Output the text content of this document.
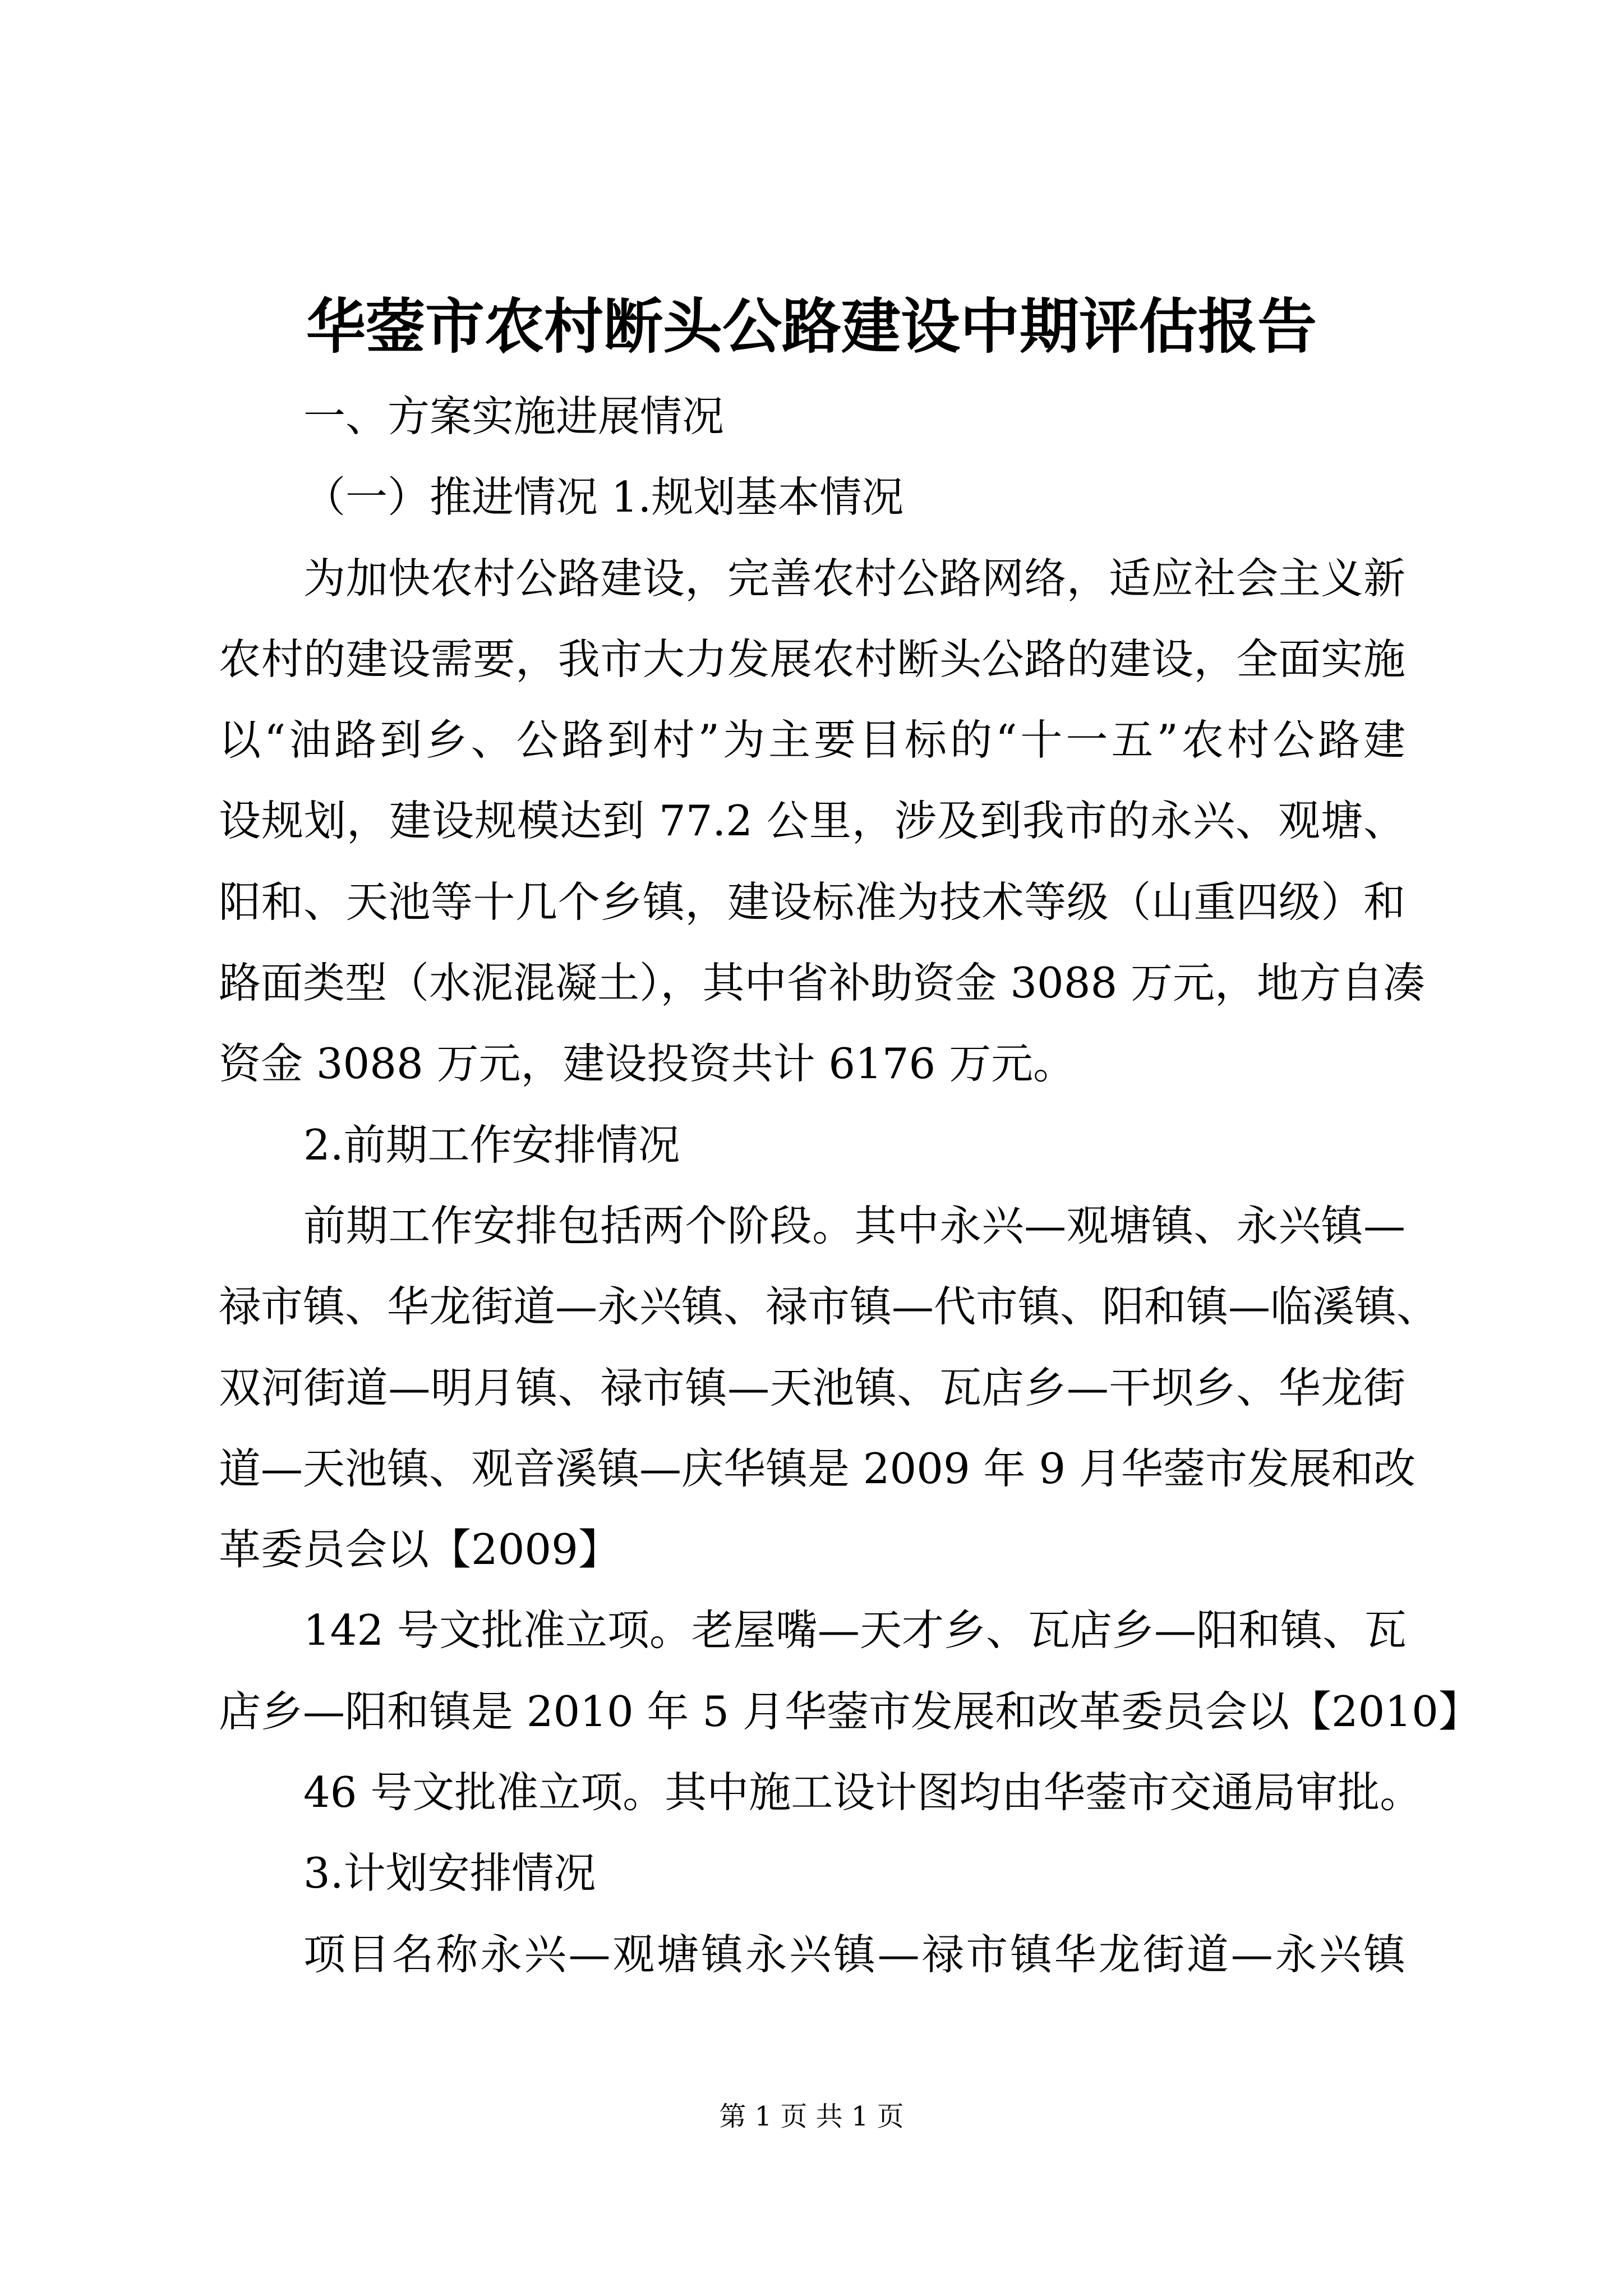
华蓥市农村断头公路建设中期评估报告
一、方案实施进展情况
（一）推进情况 1.规划基本情况
为加快农村公路建设，完善农村公路网络，适应社会主义新
农村的建设需要，我市大力发展农村断头公路的建设，全面实施
以“油路到乡、公路到村”为主要目标的“十一五”农村公路建
设规划，建设规模达到 77.2 公里，涉及到我市的永兴、观塘、
阳和、天池等十几个乡镇，建设标准为技术等级（山重四级）和
路面类型（水泥混凝土），其中省补助资金 3088 万元，地方自凑
资金 3088 万元，建设投资共计 6176 万元。
2.前期工作安排情况
前期工作安排包括两个阶段。其中永兴—观塘镇、永兴镇—
禄市镇、华龙街道—永兴镇、禄市镇—代市镇、阳和镇—临溪镇、
双河街道—明月镇、禄市镇—天池镇、瓦店乡—干坝乡、华龙街
道—天池镇、观音溪镇—庆华镇是 2009 年 9 月华蓥市发展和改
革委员会以【2009】
142 号文批准立项。老屋嘴—天才乡、瓦店乡—阳和镇、瓦
店乡—阳和镇是 2010 年 5 月华蓥市发展和改革委员会以【2010】
46 号文批准立项。其中施工设计图均由华蓥市交通局审批。
3.计划安排情况
项目名称永兴—观塘镇永兴镇—禄市镇华龙街道—永兴镇
第 1 页 共 1 页
